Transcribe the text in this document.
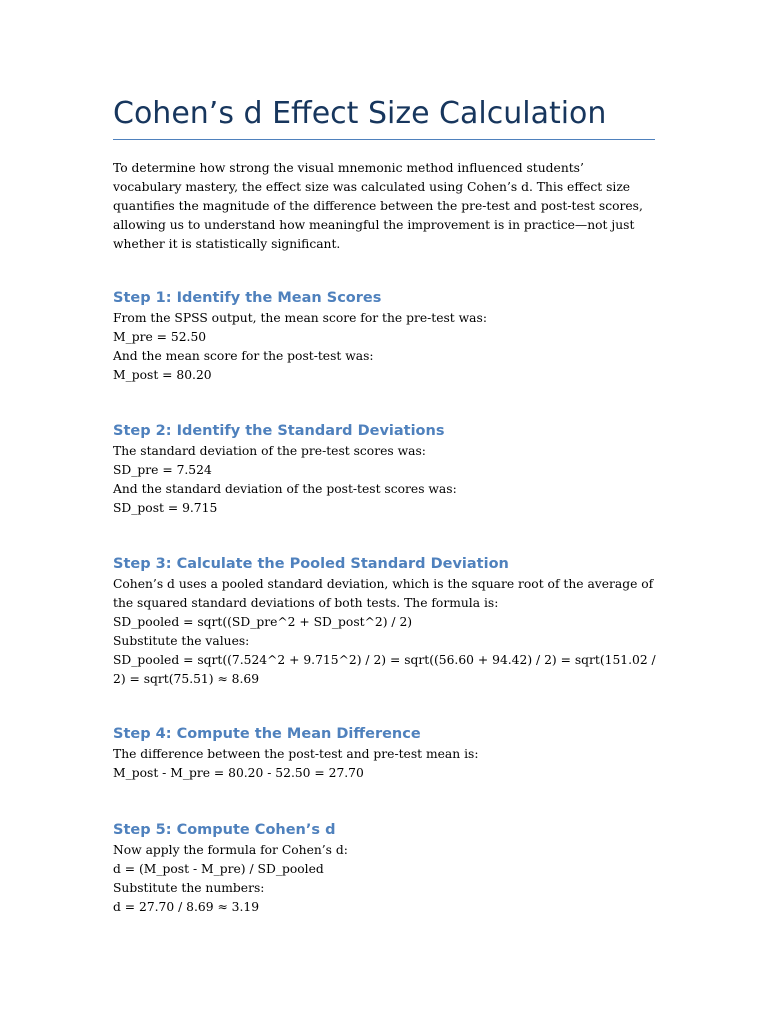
Cohen’s d Effect Size Calculation

To determine how strong the visual mnemonic method influenced students’ vocabulary mastery, the effect size was calculated using Cohen’s d. This effect size quantifies the magnitude of the difference between the pre-test and post-test scores, allowing us to understand how meaningful the improvement is in practice—not just whether it is statistically significant.

Step 1: Identify the Mean Scores
From the SPSS output, the mean score for the pre-test was:
M_pre = 52.50
And the mean score for the post-test was:
M_post = 80.20
Step 2: Identify the Standard Deviations
The standard deviation of the pre-test scores was:
SD_pre = 7.524
And the standard deviation of the post-test scores was:
SD_post = 9.715
Step 3: Calculate the Pooled Standard Deviation
Cohen’s d uses a pooled standard deviation, which is the square root of the average of the squared standard deviations of both tests. The formula is:
SD_pooled = sqrt((SD_pre^2 + SD_post^2) / 2)
Substitute the values:
SD_pooled = sqrt((7.524^2 + 9.715^2) / 2) = sqrt((56.60 + 94.42) / 2) = sqrt(151.02 / 2) = sqrt(75.51) ≈ 8.69
Step 4: Compute the Mean Difference
The difference between the post-test and pre-test mean is:
M_post - M_pre = 80.20 - 52.50 = 27.70
Step 5: Compute Cohen’s d
Now apply the formula for Cohen’s d:
d = (M_post - M_pre) / SD_pooled
Substitute the numbers:
d = 27.70 / 8.69 ≈ 3.19
